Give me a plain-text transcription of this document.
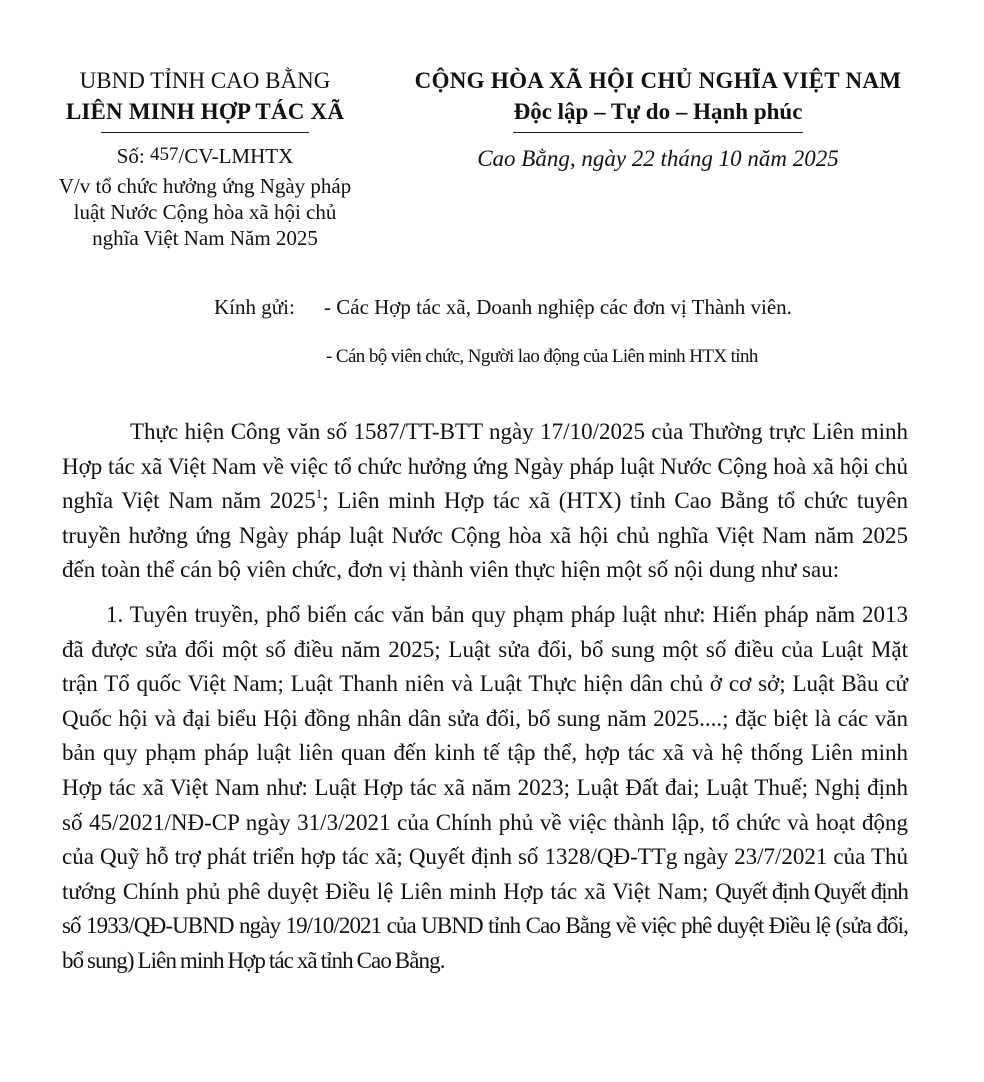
UBND TỈNH CAO BẰNG
LIÊN MINH HỢP TÁC XÃ
Số: 457/CV-LMHTX
V/v tổ chức hưởng ứng Ngày pháp luật Nước Cộng hòa xã hội chủ nghĩa Việt Nam Năm 2025
CỘNG HÒA XÃ HỘI CHỦ NGHĨA VIỆT NAM
Độc lập – Tự do – Hạnh phúc
Cao Bằng, ngày 22 tháng 10 năm 2025
Kính gửi: - Các Hợp tác xã, Doanh nghiệp các đơn vị Thành viên.
- Cán bộ viên chức, Người lao động của Liên minh HTX tỉnh

Thực hiện Công văn số 1587/TT-BTT ngày 17/10/2025 của Thường trực Liên minh Hợp tác xã Việt Nam về việc tổ chức hưởng ứng Ngày pháp luật Nước Cộng hoà xã hội chủ nghĩa Việt Nam năm 2025$^1$; Liên minh Hợp tác xã (HTX) tỉnh Cao Bằng tổ chức tuyên truyền hưởng ứng Ngày pháp luật Nước Cộng hòa xã hội chủ nghĩa Việt Nam năm 2025 đến toàn thể cán bộ viên chức, đơn vị thành viên thực hiện một số nội dung như sau:

1. Tuyên truyền, phổ biến các văn bản quy phạm pháp luật như: Hiến pháp năm 2013 đã được sửa đổi một số điều năm 2025; Luật sửa đổi, bổ sung một số điều của Luật Mặt trận Tổ quốc Việt Nam; Luật Thanh niên và Luật Thực hiện dân chủ ở cơ sở; Luật Bầu cử Quốc hội và đại biểu Hội đồng nhân dân sửa đổi, bổ sung năm 2025....; đặc biệt là các văn bản quy phạm pháp luật liên quan đến kinh tế tập thể, hợp tác xã và hệ thống Liên minh Hợp tác xã Việt Nam như: Luật Hợp tác xã năm 2023; Luật Đất đai; Luật Thuế; Nghị định số 45/2021/NĐ-CP ngày 31/3/2021 của Chính phủ về việc thành lập, tổ chức và hoạt động của Quỹ hỗ trợ phát triển hợp tác xã; Quyết định số 1328/QĐ-TTg ngày 23/7/2021 của Thủ tướng Chính phủ phê duyệt Điều lệ Liên minh Hợp tác xã Việt Nam; Quyết định Quyết định số 1933/QĐ-UBND ngày 19/10/2021 của UBND tỉnh Cao Bằng về việc phê duyệt Điều lệ (sửa đổi, bổ sung) Liên minh Hợp tác xã tỉnh Cao Bằng.
